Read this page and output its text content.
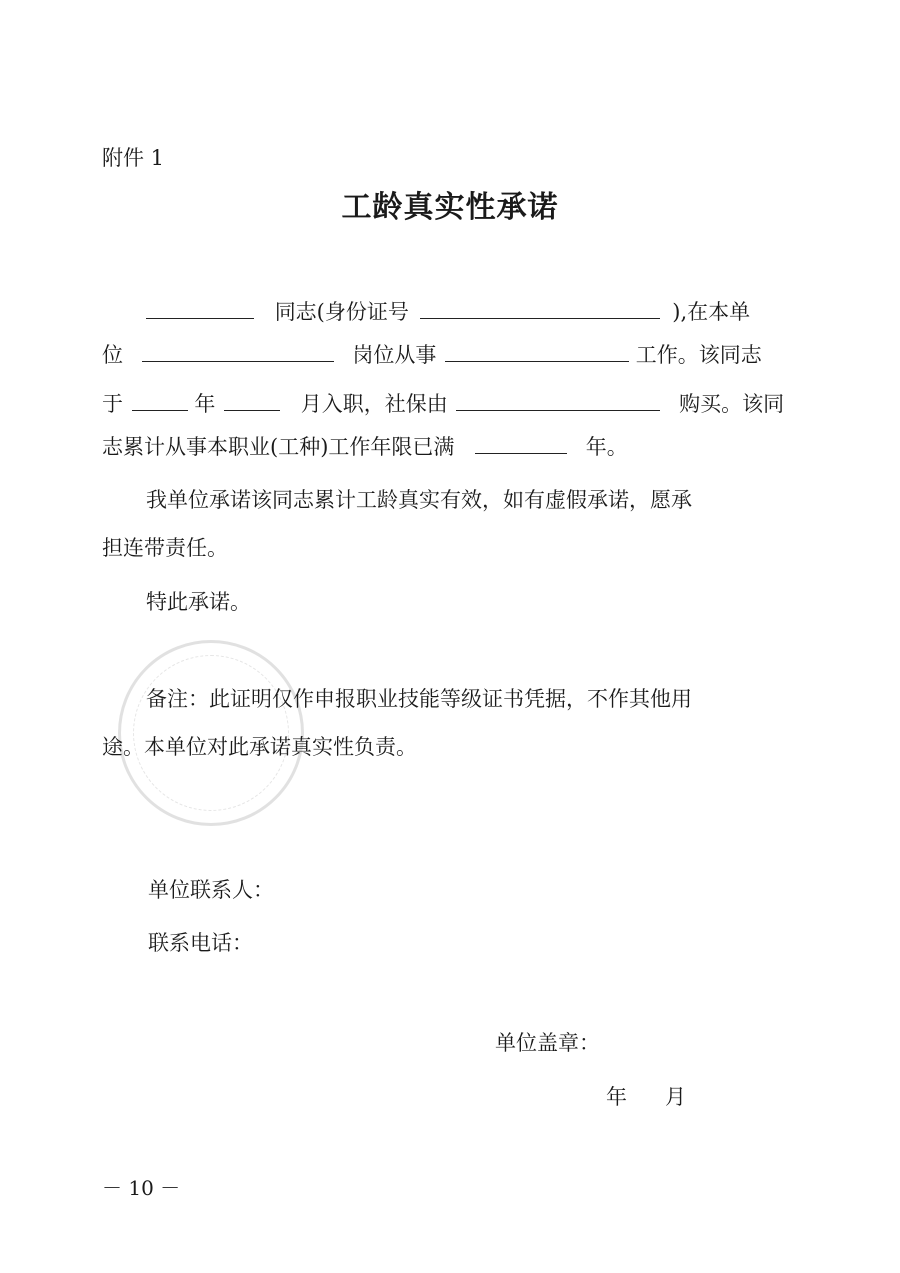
附件 1
工龄真实性承诺
同志(身份证号	),在本单
位	岗位从事	工作。该同志
于	年	月入职，社保由	购买。该同
志累计从事本职业(工种)工作年限已满	年。
我单位承诺该同志累计工龄真实有效，如有虚假承诺，愿承
担连带责任。
特此承诺。
备注：此证明仅作申报职业技能等级证书凭据，不作其他用
途。本单位对此承诺真实性负责。
单位联系人：
联系电话：
单位盖章：
年 月
－ 10 －
